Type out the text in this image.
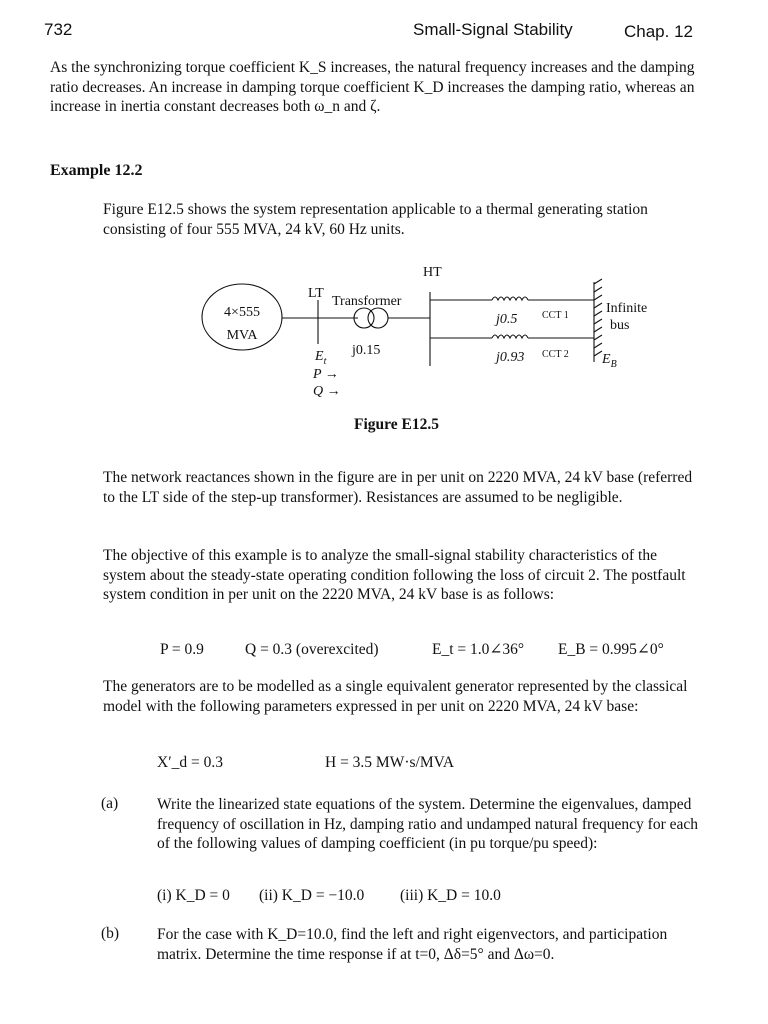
732	Small-Signal Stability	Chap. 12
As the synchronizing torque coefficient K_S increases, the natural frequency increases and the damping ratio decreases. An increase in damping torque coefficient K_D increases the damping ratio, whereas an increase in inertia constant decreases both ω_n and ζ.
Example 12.2
Figure E12.5 shows the system representation applicable to a thermal generating station consisting of four 555 MVA, 24 kV, 60 Hz units.
4×555
MVA
LT
HT
Transformer
j0.15
$E_t$
P →
Q →
j0.5 CCT 1
j0.93 CCT 2
Infinite
bus
$E_B$
Figure E12.5
The network reactances shown in the figure are in per unit on 2220 MVA, 24 kV base (referred to the LT side of the step-up transformer). Resistances are assumed to be negligible.
The objective of this example is to analyze the small-signal stability characteristics of the system about the steady-state operating condition following the loss of circuit 2. The postfault system condition in per unit on the 2220 MVA, 24 kV base is as follows:
P = 0.9	Q = 0.3 (overexcited)	E_t = 1.0∠36° E_B = 0.995∠0°
The generators are to be modelled as a single equivalent generator represented by the classical model with the following parameters expressed in per unit on 2220 MVA, 24 kV base:
X′_d = 0.3	H = 3.5 MW·s/MVA
(a)	Write the linearized state equations of the system. Determine the eigenvalues, damped frequency of oscillation in Hz, damping ratio and undamped natural frequency for each of the following values of damping coefficient (in pu torque/pu speed):
(i) K_D = 0 (ii) K_D = −10.0 (iii) K_D = 10.0
(b) For the case with K_D=10.0, find the left and right eigenvectors, and participation matrix. Determine the time response if at t=0, Δδ=5° and Δω=0.
